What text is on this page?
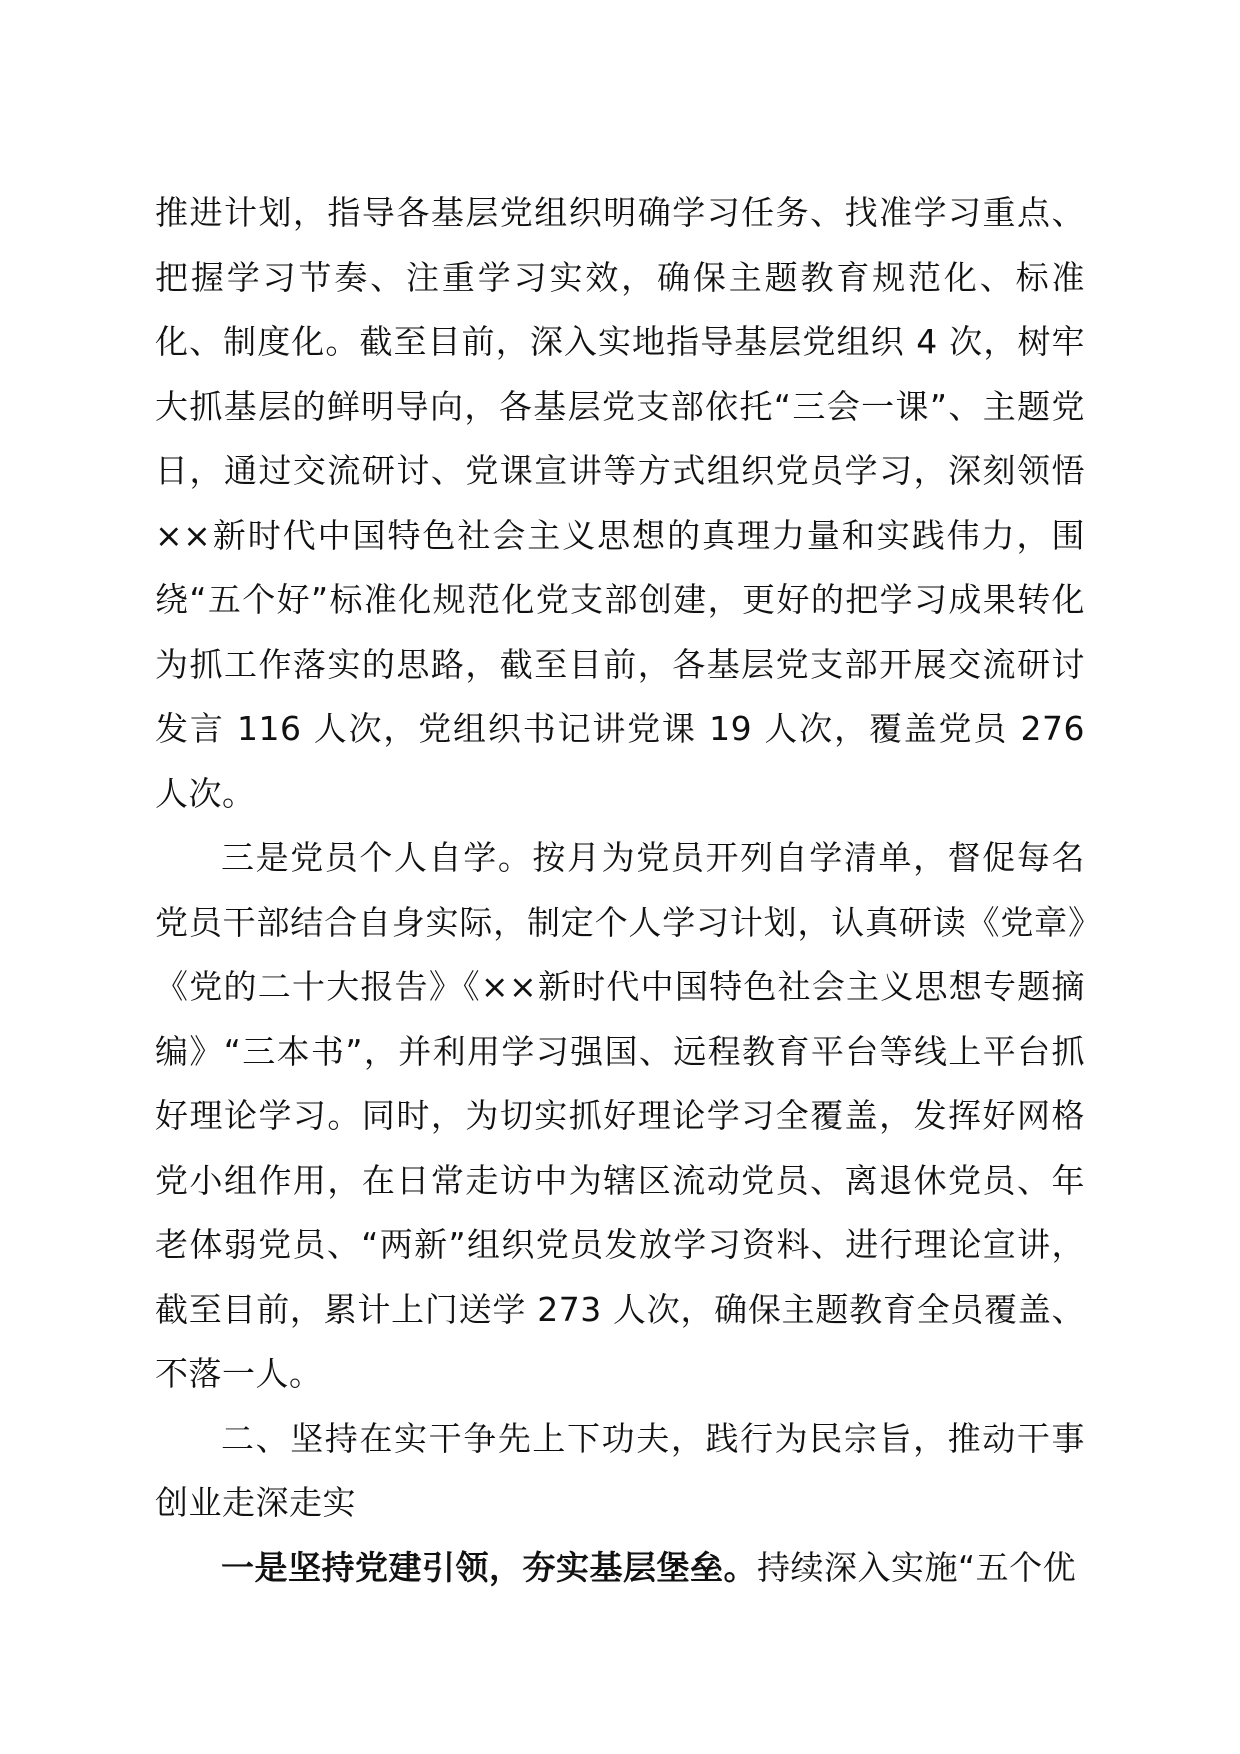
推进计划，指导各基层党组织明确学习任务、找准学习重点、把握学习节奏、注重学习实效，确保主题教育规范化、标准化、制度化。截至目前，深入实地指导基层党组织 4 次，树牢大抓基层的鲜明导向，各基层党支部依托“三会一课”、主题党日，通过交流研讨、党课宣讲等方式组织党员学习，深刻领悟××新时代中国特色社会主义思想的真理力量和实践伟力，围绕“五个好”标准化规范化党支部创建，更好的把学习成果转化为抓工作落实的思路，截至目前，各基层党支部开展交流研讨发言 116 人次，党组织书记讲党课 19 人次，覆盖党员 276 人次。

三是党员个人自学。按月为党员开列自学清单，督促每名党员干部结合自身实际，制定个人学习计划，认真研读《党章》《党的二十大报告》《××新时代中国特色社会主义思想专题摘编》“三本书”，并利用学习强国、远程教育平台等线上平台抓好理论学习。同时，为切实抓好理论学习全覆盖，发挥好网格党小组作用，在日常走访中为辖区流动党员、离退休党员、年老体弱党员、“两新”组织党员发放学习资料、进行理论宣讲，截至目前，累计上门送学 273 人次，确保主题教育全员覆盖、不落一人。

二、坚持在实干争先上下功夫，践行为民宗旨，推动干事创业走深走实

一是坚持党建引领，夯实基层堡垒。持续深入实施“五个优
